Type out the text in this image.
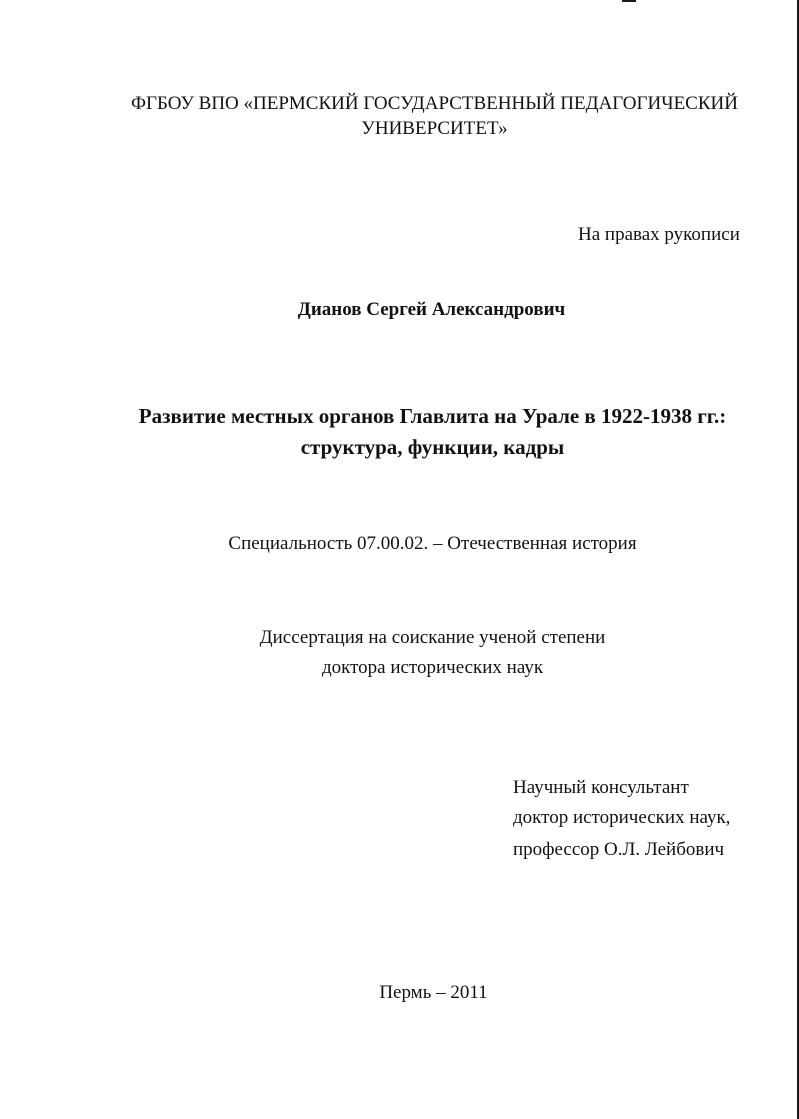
ФГБОУ ВПО «ПЕРМСКИЙ ГОСУДАРСТВЕННЫЙ ПЕДАГОГИЧЕСКИЙ
УНИВЕРСИТЕТ»
На правах рукописи
Дианов Сергей Александрович
Развитие местных органов Главлита на Урале в 1922-1938 гг.:
структура, функции, кадры
Специальность 07.00.02. – Отечественная история
Диссертация на соискание ученой степени
доктора исторических наук
Научный консультант
доктор исторических наук,
профессор О.Л. Лейбович
Пермь – 2011
